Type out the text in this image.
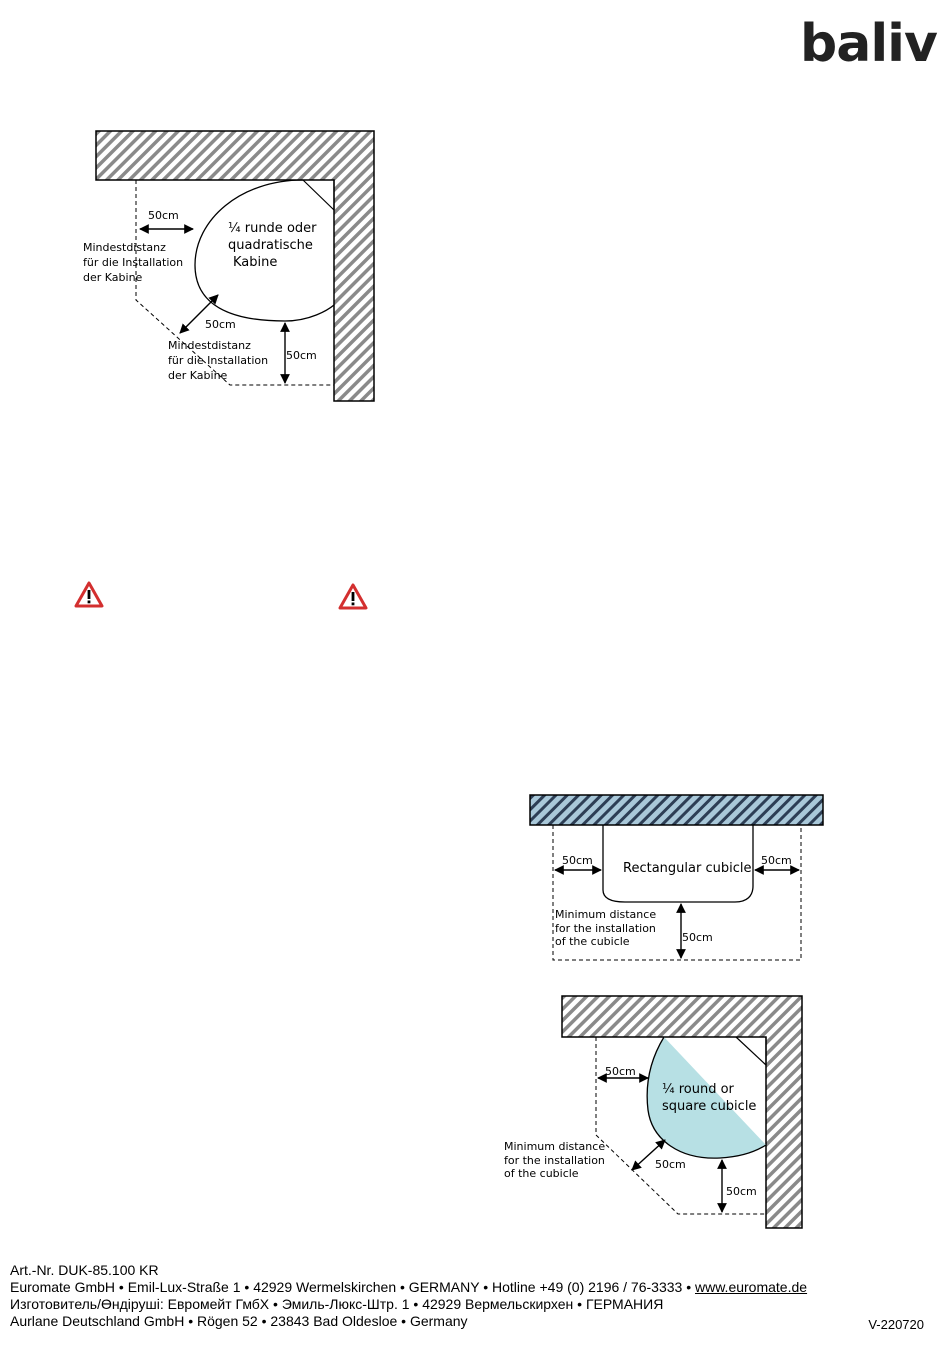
baliv
50cm
50cm
50cm
¼ runde oder
quadratische
Kabine
Mindestdistanz
für die Installation
der Kabine
Mindestdistanz
für die Installation
der Kabine
50cm	50cm
50cm
Rectangular cubicle
Minimum distance
for the installation
of the cubicle
50cm
50cm
50cm
¼ round or
square cubicle
Minimum distance
for the installation
of the cubicle
Art.-Nr. DUK-85.100 KR
Euromate GmbH • Emil-Lux-Straße 1 • 42929 Wermelskirchen • GERMANY • Hotline +49 (0) 2196 / 76-3333 • www.euromate.de
Изготовитель/Өндіруші: Евромейт ГмбХ • Эмиль-Люкс-Штр. 1 • 42929 Вермельскирхен • ГЕРМАНИЯ
Aurlane Deutschland GmbH • Rögen 52 • 23843 Bad Oldesloe • Germany	V-220720
